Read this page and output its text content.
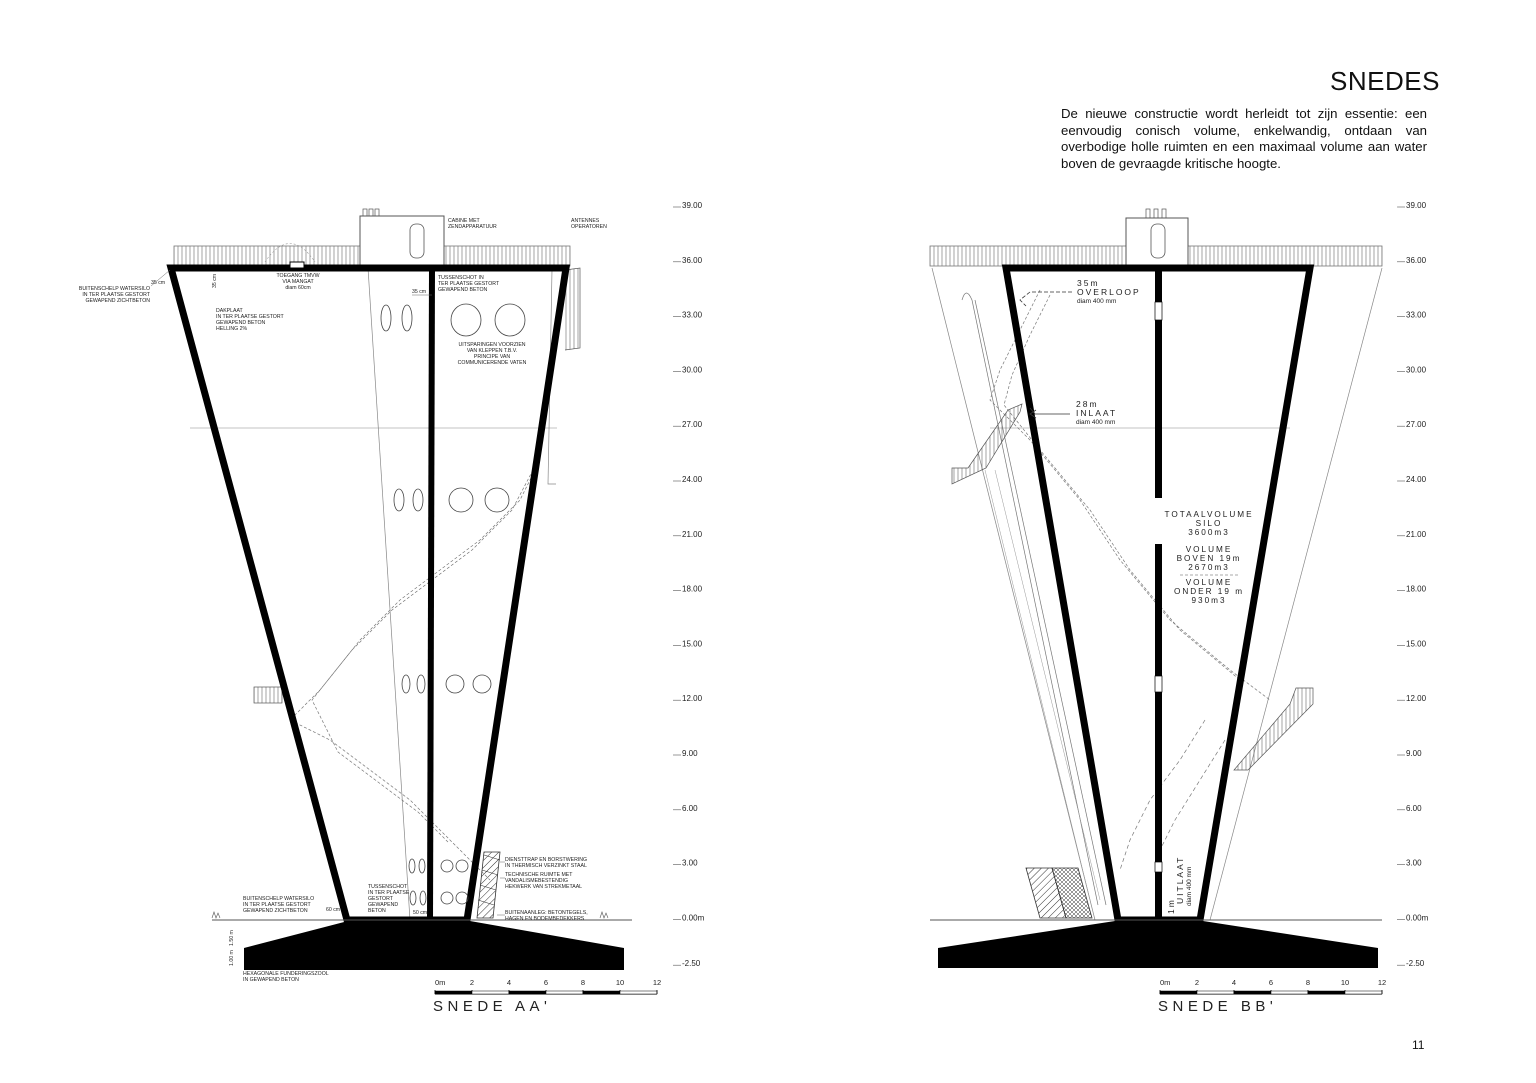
SNEDES

De nieuwe constructie wordt herleidt tot zijn essentie: een eenvoudig conisch volume, enkelwandig, ontdaan van overbodige holle ruimten en een maximaal volume aan water boven de gevraagde kritische hoogte.

11
CABINE MET ZENDAPPARATUUR
ANTENNES OPERATOREN
BUITENSCHELP WATERSILO IN TER PLAATSE GESTORT GEWAPEND ZICHTBETON
35 cm	35 cm	TOEGANG TMVW VIA MANGAT diam 60cm
DAKPLAAT IN TER PLAATSE GESTORT GEWAPEND BETON HELLING 2%
TUSSENSCHOT IN TER PLAATSE GESTORT GEWAPEND BETON
35 cm
UITSPARINGEN VOORZIEN VAN KLEPPEN T.B.V. PRINCIPE VAN COMMUNICERENDE VATEN
DIENSTTRAP EN BORSTWERING IN THERMISCH VERZINKT STAAL
TECHNISCHE RUIMTE MET VANDALISMEBESTENDIG HEKWERK VAN STREKMETAAL
BUITENAANLEG: BETONTEGELS, HAGEN EN BODEMBEDEKKERS
BUITENSCHELP WATERSILO IN TER PLAATSE GESTORT GEWAPEND ZICHTBETON	60 cm
TUSSENSCHOT IN TER PLAATSE GESTORT GEWAPEND BETON	50 cm
1.00 m
1.50 m
HEXAGONALE FUNDERINGSZOOL IN GEWAPEND BETON	0m	2	4	6	8	10	12
SNEDE AA'
35m
OVERLOOP
diam 400 mm
28m
INLAAT
diam 400 mm
TOTAALVOLUME
SILO
3600m3
VOLUME
BOVEN 19m
2670m3
VOLUME
ONDER 19 m
930m3
1m
UITLAAT diam 400 mm
0m	2	4	6	8	10	12
SNEDE BB'
39.00
36.00
33.00
30.00
27.00
24.00
21.00
18.00
15.00
12.00
9.00
6.00
3.00
0.00m
-2.50
39.00
36.00
33.00
30.00
27.00
24.00
21.00
18.00
15.00
12.00
9.00
6.00
3.00
0.00m
-2.50
